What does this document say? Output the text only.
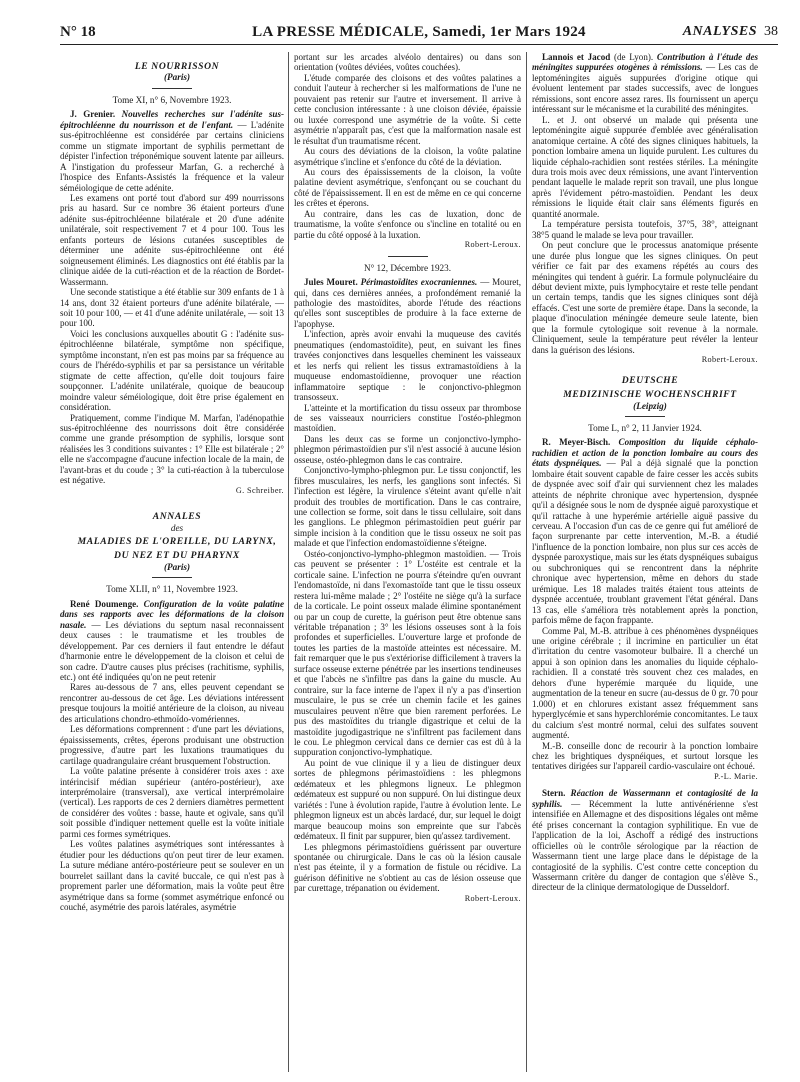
N° 18	LA PRESSE MÉDICALE, Samedi, 1er Mars 1924	ANALYSES 38

LE NOURRISSON

(Paris)

Tome XI, n° 6, Novembre 1923.

J. Grenier. Nouvelles recherches sur l'adénite sus-épitrochléenne du nourrisson et de l'enfant. — L'adénite sus-épitrochléenne est considérée par certains cliniciens comme un stigmate important de syphilis permettant de dépister l'infection tréponémique souvent latente par ailleurs. A l'instigation du professeur Marfan, G. a recherché à l'hospice des Enfants-Assistés la fréquence et la valeur séméiologique de cette adénite.

Les examens ont porté tout d'abord sur 499 nourrissons pris au hasard. Sur ce nombre 36 étaient porteurs d'une adénite sus-épitrochléenne bilatérale et 20 d'une adénite unilatérale, soit respectivement 7 et 4 pour 100. Tous les enfants porteurs de lésions cutanées susceptibles de déterminer une adénite sus-épitrochléenne ont été soigneusement éliminés. Les diagnostics ont été établis par la clinique aidée de la cuti-réaction et de la réaction de Bordet-Wassermann.

Une seconde statistique a été établie sur 309 enfants de 1 à 14 ans, dont 32 étaient porteurs d'une adénite bilatérale, — soit 10 pour 100, — et 41 d'une adénite unilatérale, — soit 13 pour 100.

Voici les conclusions auxquelles aboutit G : l'adénite sus-épitrochléenne bilatérale, symptôme non spécifique, symptôme inconstant, n'en est pas moins par sa fréquence au cours de l'hérédo-syphilis et par sa persistance un véritable stigmate de cette affection, qu'elle doit toujours faire soupçonner. L'adénite unilatérale, quoique de beaucoup moindre valeur séméiologique, doit être prise également en considération.

Pratiquement, comme l'indique M. Marfan, l'adénopathie sus-épitrochléenne des nourrissons doit être considérée comme une grande présomption de syphilis, lorsque sont réalisées les 3 conditions suivantes : 1° Elle est bilatérale ; 2° elle ne s'accompagne d'aucune infection locale de la main, de l'avant-bras et du coude ; 3° la cuti-réaction à la tuberculose est négative.

G. Schreiber.

ANNALES

des

MALADIES DE L'OREILLE, DU LARYNX,

DU NEZ ET DU PHARYNX

(Paris)

Tome XLII, n° 11, Novembre 1923.

René Doumenge. Configuration de la voûte palatine dans ses rapports avec les déformations de la cloison nasale. — Les déviations du septum nasal reconnaissent deux causes : le traumatisme et les troubles de développement. Par ces derniers il faut entendre le défaut d'harmonie entre le développement de la cloison et celui de son cadre. D'autre causes plus précises (rachitisme, syphilis, etc.) ont été indiquées qu'on ne peut retenir

Rares au-dessous de 7 ans, elles peuvent cependant se rencontrer au-dessous de cet âge. Les déviations intéressent presque toujours la moitié antérieure de la cloison, au niveau des articulations chondro-ethmoïdo-vomériennes.

Les déformations comprennent : d'une part les déviations, épaississements, crêtes, éperons produisant une obstruction progressive, d'autre part les luxations traumatiques du cartilage quadrangulaire créant brusquement l'obstruction.

La voûte palatine présente à considérer trois axes : axe intérincisif médian supérieur (antéro-postérieur), axe interprémolaire (transversal), axe vertical interprémolaire (vertical). Les rapports de ces 2 derniers diamètres permettent de considérer des voûtes : basse, haute et ogivale, sans qu'il soit possible d'indiquer nettement quelle est la voûte initiale parmi ces formes symétriques.

Les voûtes palatines asymétriques sont intéressantes à étudier pour les déductions qu'on peut tirer de leur examen. La suture médiane antéro-postérieure peut se soulever en un bourrelet saillant dans la cavité buccale, ce qui n'est pas à proprement parler une déformation, mais la voûte peut être asymétrique dans sa forme (sommet asymétrique enfoncé ou couché, asymétrie des parois latérales, asymétrie

portant sur les arcades alvéolo dentaires) ou dans son orientation (voûtes déviées, voûtes couchées).

L'étude comparée des cloisons et des voûtes palatines a conduit l'auteur à rechercher si les malformations de l'une ne pouvaient pas retenir sur l'autre et inversement. Il arrive à cette conclusion intéressante : à une cloison déviée, épaissie ou luxée correspond une asymétrie de la voûte. Si cette asymétrie n'apparaît pas, c'est que la malformation nasale est le résultat d'un traumatisme récent.

Au cours des déviations de la cloison, la voûte palatine asymétrique s'incline et s'enfonce du côté de la déviation.

Au cours des épaississements de la cloison, la voûte palatine devient asymétrique, s'enfonçant ou se couchant du côté de l'épaississement. Il en est de même en ce qui concerne les crêtes et éperons.

Au contraire, dans les cas de luxation, donc de traumatisme, la voûte s'enfonce ou s'incline en totalité ou en partie du côté opposé à la luxation.

Robert-Leroux.
N° 12, Décembre 1923.

Jules Mouret. Périmastoïdites exocraniennes. — Mouret, qui, dans ces dernières années, a profondément remanié la pathologie des mastoïdites, aborde l'étude des réactions qu'elles sont susceptibles de produire à la face externe de l'apophyse.

L'infection, après avoir envahi la muqueuse des cavités pneumatiques (endomastoïdite), peut, en suivant les fines travées conjonctives dans lesquelles cheminent les vaisseaux et les nerfs qui relient les tissus extramastoïdiens à la muqueuse endomastoïdienne, provoquer une réaction inflammatoire septique : le conjonctivo-phlegmon transosseux.

L'atteinte et la mortification du tissu osseux par thrombose de ses vaisseaux nourriciers constitue l'ostéo-phlegmon mastoïdien.

Dans les deux cas se forme un conjonctivo-lympho-phlegmon périmastoïdien pur s'il n'est associé à aucune lésion osseuse, ostéo-phlegmon dans le cas contraire.

Conjonctivo-lympho-phlegmon pur. Le tissu conjonctif, les fibres musculaires, les nerfs, les ganglions sont infectés. Si l'infection est légère, la virulence s'éteint avant qu'elle n'ait produit des troubles de mortification. Dans le cas contraire, une collection se forme, soit dans le tissu cellulaire, soit dans les ganglions. Le phlegmon périmastoïdien peut guérir par simple incision à la condition que le tissu osseux ne soit pas malade et que l'infection endomastoïdienne s'éteigne.

Ostéo-conjonctivo-lympho-phlegmon mastoïdien. — Trois cas peuvent se présenter : 1° L'ostéite est centrale et la corticale saine. L'infection ne pourra s'éteindre qu'en ouvrant l'endomastoïde, ni dans l'exomastoïde tant que le tissu osseux restera lui-même malade ; 2° l'ostéite ne siège qu'à la surface de la corticale. Le point osseux malade élimine spontanément ou par un coup de curette, la guérison peut être obtenue sans véritable trépanation ; 3° les lésions osseuses sont à la fois profondes et superficielles. L'ouverture large et profonde de toutes les parties de la mastoïde atteintes est nécessaire. M. fait remarquer que le pus s'extériorise difficilement à travers la surface osseuse externe pénétrée par les insertions tendineuses et que l'abcès ne s'infiltre pas dans la gaine du muscle. Au contraire, sur la face interne de l'apex il n'y a pas d'insertion musculaire, le pus se crée un chemin facile et les gaines musculaires peuvent n'être que bien rarement perforées. Le pus des mastoïdites du triangle digastrique et celui de la mastoïdite jugodigastrique ne s'infiltrent pas facilement dans le cou. Le phlegmon cervical dans ce dernier cas est dû à la suppuration conjonctivo-lymphatique.

Au point de vue clinique il y a lieu de distinguer deux sortes de phlegmons périmastoïdiens : les phlegmons œdémateux et les phlegmons ligneux. Le phlegmon œdémateux est suppuré ou non suppuré. On lui distingue deux variétés : l'une à évolution rapide, l'autre à évolution lente. Le phlegmon ligneux est un abcès lardacé, dur, sur lequel le doigt marque beaucoup moins son empreinte que sur l'abcès œdémateux. Il finit par suppurer, bien qu'assez tardivement.

Les phlegmons périmastoïdiens guérissent par ouverture spontanée ou chirurgicale. Dans le cas où la lésion causale n'est pas éteinte, il y a formation de fistule ou récidive. La guérison définitive ne s'obtient au cas de lésion osseuse que par curettage, trépanation ou évidement.

Robert-Leroux.

Lannois et Jacod (de Lyon). Contribution à l'étude des méningites suppurées otogènes à rémissions. — Les cas de leptoméningites aiguës suppurées d'origine otique qui évoluent lentement par stades successifs, avec de longues rémissions, sont encore assez rares. Ils fournissent un aperçu intéressant sur le mécanisme et la curabilité des méningites.

L. et J. ont observé un malade qui présenta une leptoméningite aiguë suppurée d'emblée avec généralisation anatomique certaine. A côté des signes cliniques habituels, la ponction lombaire amena un liquide purulent. Les cultures du liquide céphalo-rachidien sont restées stériles. La méningite dura trois mois avec deux rémissions, une avant l'intervention pendant laquelle le malade reprit son travail, une plus longue après l'évidement pétro-mastoïdien. Pendant les deux rémissions le liquide était clair sans éléments figurés en quantité anormale.

La température persista toutefois, 37°5, 38°, atteignant 38°5 quand le malade se leva pour travailler.

On peut conclure que le processus anatomique présente une durée plus longue que les signes cliniques. On peut vérifier ce fait par des examens répétés au cours des méningites qui tendent à guérir. La formule polynucléaire du début devient mixte, puis lymphocytaire et reste telle pendant un certain temps, tandis que les signes cliniques sont déjà effacés. C'est une sorte de première étape. Dans la seconde, la plaque d'inoculation méningée demeure seule latente, bien que la formule cytologique soit revenue à la normale. Cliniquement, seule la température peut révéler la lenteur dans la guérison des lésions.

Robert-Leroux.

DEUTSCHE

MEDIZINISCHE WOCHENSCHRIFT

(Leipzig)

Tome L, n° 2, 11 Janvier 1924.

R. Meyer-Bisch. Composition du liquide céphalo-rachidien et action de la ponction lombaire au cours des états dyspnéiques. — Pal a déjà signalé que la ponction lombaire était souvent capable de faire cesser les accès subits de dyspnée avec soif d'air qui surviennent chez les malades atteints de néphrite chronique avec hypertension, dyspnée qu'il a désignée sous le nom de dyspnée aiguë paroxystique et qu'il rattache à une hyperémie artérielle aiguë passive du cerveau. A l'occasion d'un cas de ce genre qui fut amélioré de façon surprenante par cette intervention, M.-B. a étudié l'influence de la ponction lombaire, non plus sur ces accès de dyspnée paroxystique, mais sur les états dyspnéiques subaigus ou subchroniques qui se rencontrent dans la néphrite chronique avec hypertension, même en dehors du stade urémique. Les 18 malades traités étaient tous atteints de dyspnée accentuée, troublant gravement l'état général. Dans 13 cas, elle s'améliora très notablement après la ponction, parfois même de façon frappante.

Comme Pal, M.-B. attribue à ces phénomènes dyspnéiques une origine cérébrale ; il incrimine en particulier un état d'irritation du centre vasomoteur bulbaire. Il a cherché un appui à son opinion dans les anomalies du liquide céphalo-rachidien. Il a constaté très souvent chez ces malades, en dehors d'une hyperémie marquée du liquide, une augmentation de la teneur en sucre (au-dessus de 0 gr. 70 pour 1.000) et en chlorures existant assez fréquemment sans hyperglycémie et sans hyperchlorémie concomitantes. Le taux du calcium s'est montré normal, celui des sulfates souvent augmenté.

M.-B. conseille donc de recourir à la ponction lombaire chez les brightiques dyspnéiques, et surtout lorsque les tentatives dirigées sur l'appareil cardio-vasculaire ont échoué.

P.-L. Marie.

Stern. Réaction de Wassermann et contagiosité de la syphilis. — Récemment la lutte antivénérienne s'est intensifiée en Allemagne et des dispositions légales ont même été prises concernant la contagion syphilitique. En vue de l'application de la loi, Aschoff a rédigé des instructions officielles où le contrôle sérologique par la réaction de Wassermann tient une large place dans le dépistage de la contagiosité de la syphilis. C'est contre cette conception du Wassermann critère du danger de contagion que s'élève S., directeur de la clinique dermatologique de Dusseldorf.
